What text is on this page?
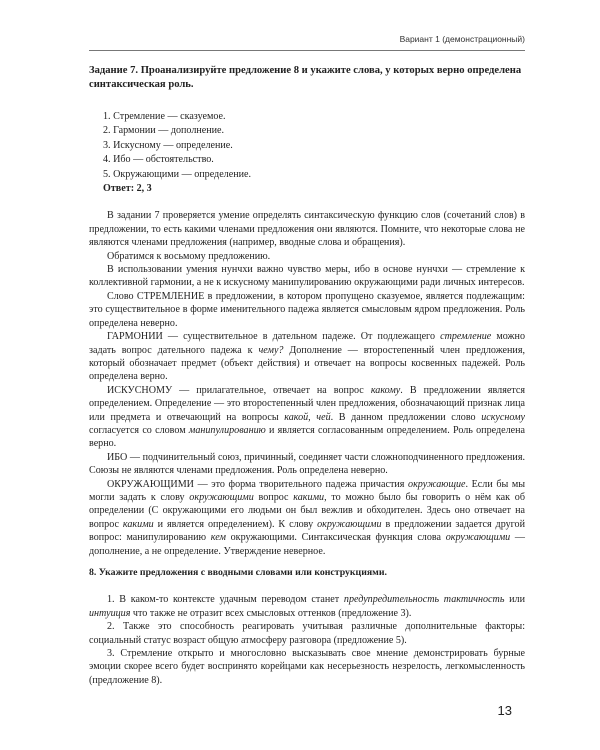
Вариант 1 (демонстрационный)
Задание 7. Проанализируйте предложение 8 и укажите слова, у которых верно определена синтаксическая роль.
1. Стремление — сказуемое.
2. Гармонии — дополнение.
3. Искусному — определение.
4. Ибо — обстоятельство.
5. Окружающими — определение.
Ответ: 2, 3

В задании 7 проверяется умение определять синтаксическую функцию слов (сочетаний слов) в предложении, то есть какими членами предложения они являются. Помните, что некоторые слова не являются членами предложения (например, вводные слова и обращения).

Обратимся к восьмому предложению.

В использовании умения нунчхи важно чувство меры, ибо в основе нунчхи — стремление к коллективной гармонии, а не к искусному манипулированию окружающими ради личных интересов.

Слово СТРЕМЛЕНИЕ в предложении, в котором пропущено сказуемое, является подлежащим: это существительное в форме именительного падежа является смысловым ядром предложения. Роль определена неверно.

ГАРМОНИИ — существительное в дательном падеже. От подлежащего стремление можно задать вопрос дательного падежа к чему? Дополнение — второстепенный член предложения, который обозначает предмет (объект действия) и отвечает на вопросы косвенных падежей. Роль определена верно.

ИСКУСНОМУ — прилагательное, отвечает на вопрос какому. В предложении является определением. Определение — это второстепенный член предложения, обозначающий признак лица или предмета и отвечающий на вопросы какой, чей. В данном предложении слово искусному согласуется со словом манипулированию и является согласованным определением. Роль определена верно.

ИБО — подчинительный союз, причинный, соединяет части сложноподчиненного предложения. Союзы не являются членами предложения. Роль определена неверно.

ОКРУЖАЮЩИМИ — это форма творительного падежа причастия окружающие. Если бы мы могли задать к слову окружающими вопрос какими, то можно было бы говорить о нём как об определении (С окружающими его людьми он был вежлив и обходителен. Здесь оно отвечает на вопрос какими и является определением). К слову окружающими в предложении задается другой вопрос: манипулированию кем окружающими. Синтаксическая функция слова окружающими — дополнение, а не определение. Утверждение неверное.

8. Укажите предложения с вводными словами или конструкциями.

1. В каком-то контексте удачным переводом станет предупредительность тактичность или интуиция что также не отразит всех смысловых оттенков (предложение 3).

2. Также это способность реагировать учитывая различные дополнительные факторы: социальный статус возраст общую атмосферу разговора (предложение 5).

3. Стремление открыто и многословно высказывать свое мнение демонстрировать бурные эмоции скорее всего будет воспринято корейцами как несерьезность незрелость, легкомысленность (предложение 8).

13
